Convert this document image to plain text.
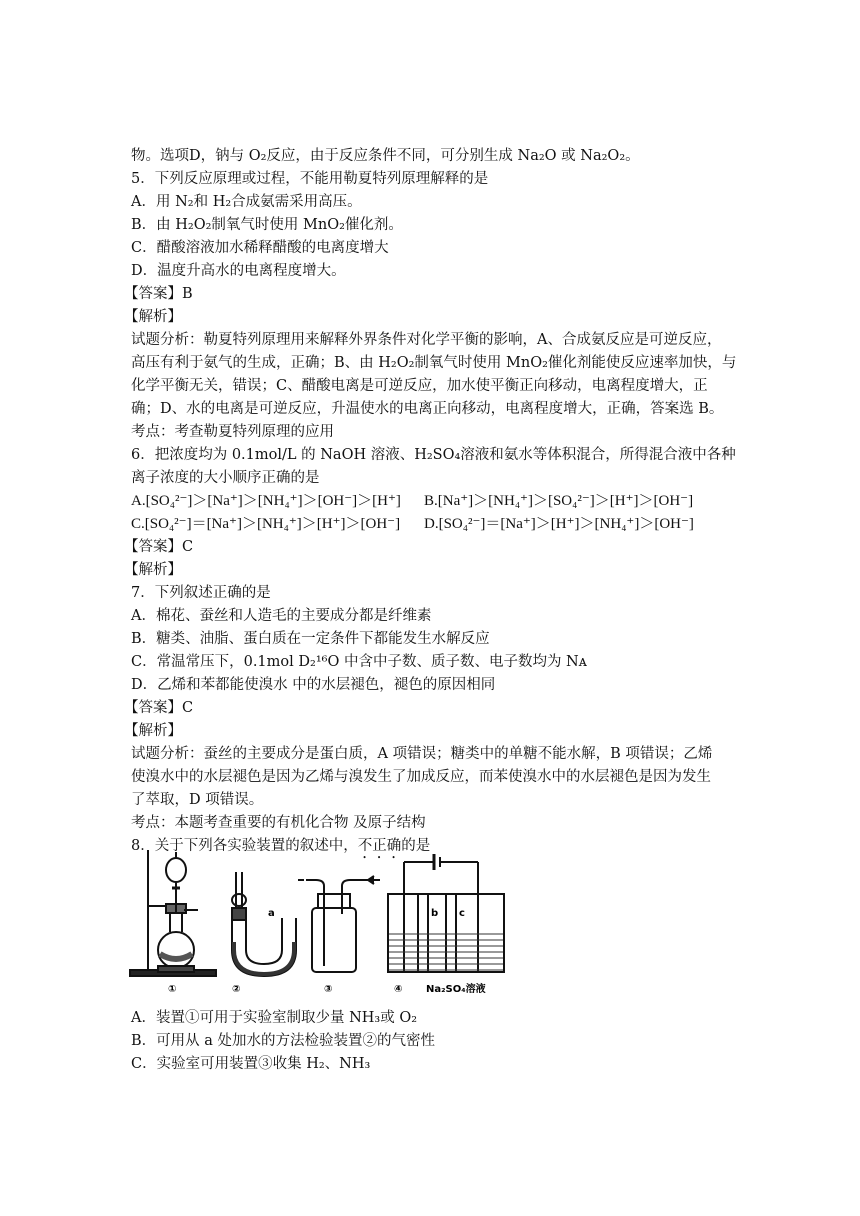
物。选项D，钠与 O₂反应，由于反应条件不同，可分别生成 Na₂O 或 Na₂O₂。
5．下列反应原理或过程，不能用勒夏特列原理解释的是
A．用 N₂和 H₂合成氨需采用高压。
B．由 H₂O₂制氧气时使用 MnO₂催化剂。
C．醋酸溶液加水稀释醋酸的电离度增大
D．温度升高水的电离程度增大。
【答案】B
【解析】
试题分析：勒夏特列原理用来解释外界条件对化学平衡的影响，A、合成氨反应是可逆反应，
高压有利于氨气的生成，正确；B、由 H₂O₂制氧气时使用 MnO₂催化剂能使反应速率加快，与
化学平衡无关，错误；C、醋酸电离是可逆反应，加水使平衡正向移动，电离程度增大，正
确；D、水的电离是可逆反应，升温使水的电离正向移动，电离程度增大，正确，答案选 B。
考点：考查勒夏特列原理的应用
6．把浓度均为 0.1mol/L 的 NaOH 溶液、H₂SO₄溶液和氨水等体积混合，所得混合液中各种
离子浓度的大小顺序正确的是
A.[SO₄²⁻]＞[Na⁺]＞[NH₄⁺]＞[OH⁻]＞[H⁺] B.[Na⁺]＞[NH₄⁺]＞[SO₄²⁻]＞[H⁺]＞[OH⁻]
C.[SO₄²⁻]＝[Na⁺]＞[NH₄⁺]＞[H⁺]＞[OH⁻] D.[SO₄²⁻]＝[Na⁺]＞[H⁺]＞[NH₄⁺]＞[OH⁻]
【答案】C
【解析】
7．下列叙述正确的是
A．棉花、蚕丝和人造毛的主要成分都是纤维素
B．糖类、油脂、蛋白质在一定条件下都能发生水解反应
C．常温常压下，0.1mol D₂¹⁶O 中含中子数、质子数、电子数均为 Nᴀ
D．乙烯和苯都能使溴水 中的水层褪色，褪色的原因相同
【答案】C
【解析】
试题分析：蚕丝的主要成分是蛋白质，A 项错误；糖类中的单糖不能水解，B 项错误；乙烯
使溴水中的水层褪色是因为乙烯与溴发生了加成反应，而苯使溴水中的水层褪色是因为发生
了萃取，D 项错误。
考点：本题考查重要的有机化合物 及原子结构
8．关于下列各实验装置的叙述中，不正确的是
a	b c
①	②	③	④ Na₂SO₄溶液
A．装置①可用于实验室制取少量 NH₃或 O₂
B．可用从 a 处加水的方法检验装置②的气密性
C．实验室可用装置③收集 H₂、NH₃
